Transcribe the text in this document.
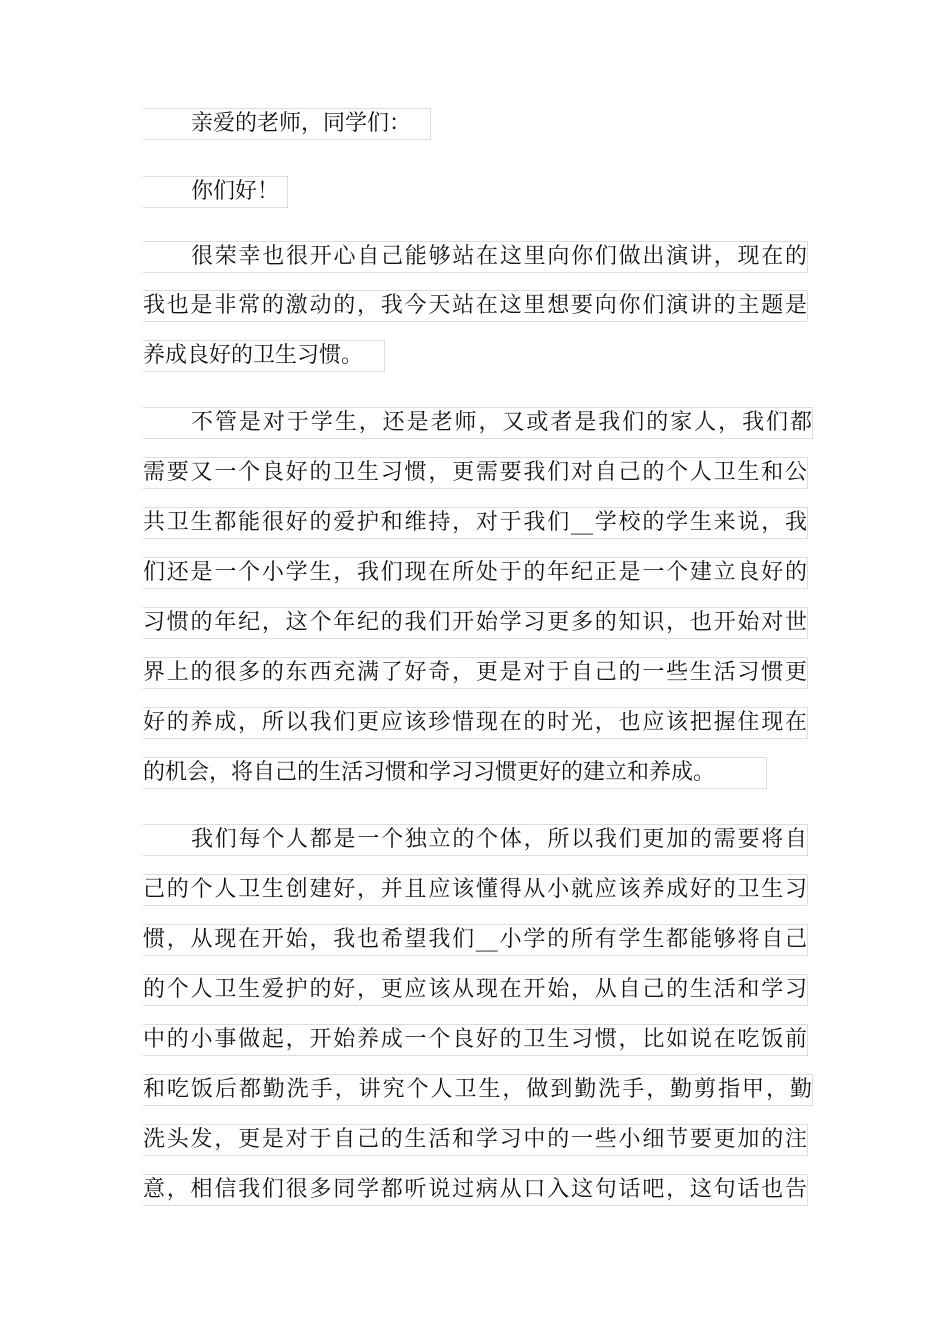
亲爱的老师，同学们：
你们好！
很荣幸也很开心自己能够站在这里向你们做出演讲，现在的
我也是非常的激动的，我今天站在这里想要向你们演讲的主题是
养成良好的卫生习惯。
不管是对于学生，还是老师，又或者是我们的家人，我们都
需要又一个良好的卫生习惯，更需要我们对自己的个人卫生和公
共卫生都能很好的爱护和维持，对于我们__学校的学生来说，我
们还是一个小学生，我们现在所处于的年纪正是一个建立良好的
习惯的年纪，这个年纪的我们开始学习更多的知识，也开始对世
界上的很多的东西充满了好奇，更是对于自己的一些生活习惯更
好的养成，所以我们更应该珍惜现在的时光，也应该把握住现在
的机会，将自己的生活习惯和学习习惯更好的建立和养成。
我们每个人都是一个独立的个体，所以我们更加的需要将自
己的个人卫生创建好，并且应该懂得从小就应该养成好的卫生习
惯，从现在开始，我也希望我们__小学的所有学生都能够将自己
的个人卫生爱护的好，更应该从现在开始，从自己的生活和学习
中的小事做起，开始养成一个良好的卫生习惯，比如说在吃饭前
和吃饭后都勤洗手，讲究个人卫生，做到勤洗手，勤剪指甲，勤
洗头发，更是对于自己的生活和学习中的一些小细节要更加的注
意，相信我们很多同学都听说过病从口入这句话吧，这句话也告
